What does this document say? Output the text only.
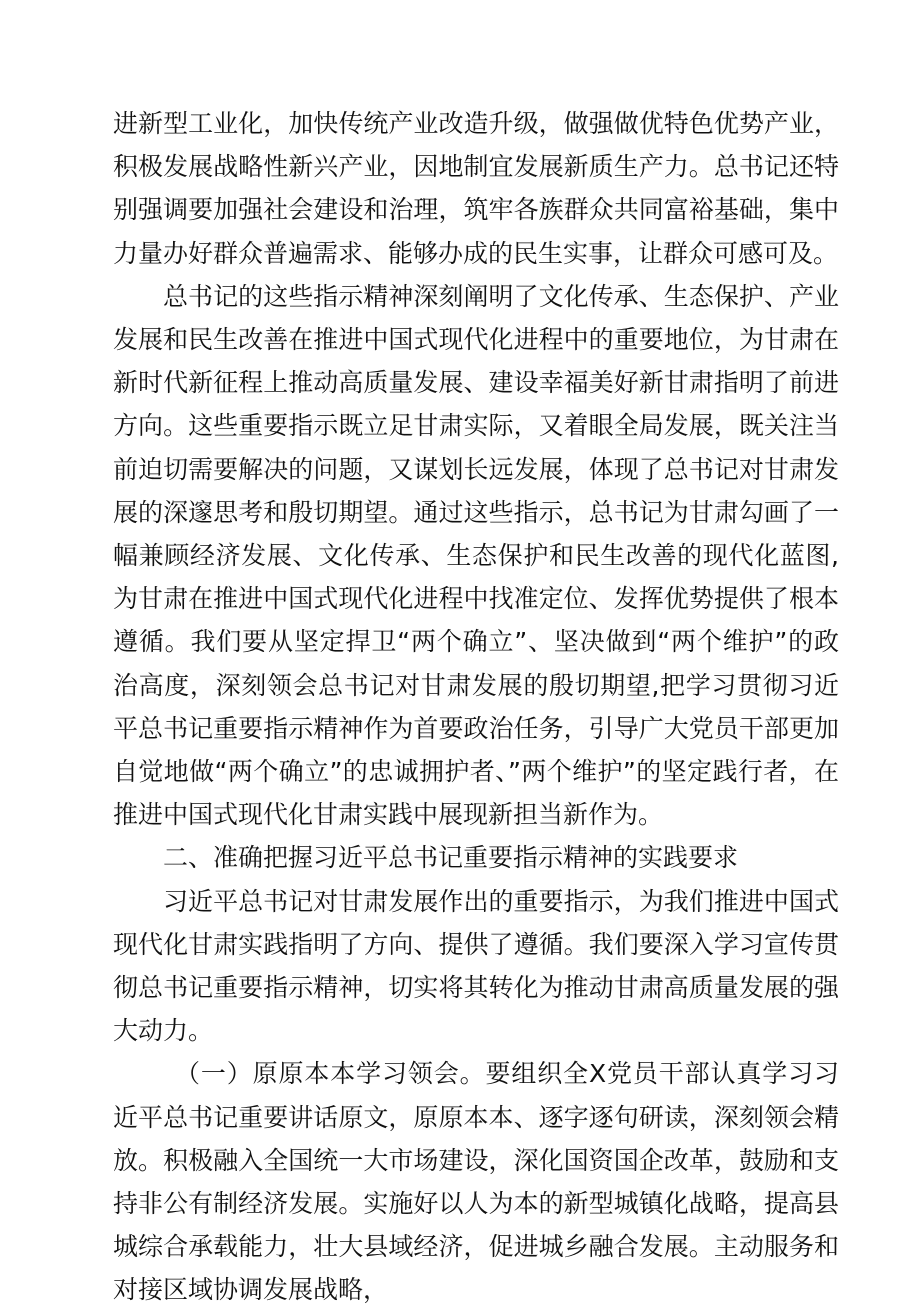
进新型工业化，加快传统产业改造升级，做强做优特色优势产业，积极发展战略性新兴产业，因地制宜发展新质生产力。总书记还特别强调要加强社会建设和治理，筑牢各族群众共同富裕基础，集中力量办好群众普遍需求、能够办成的民生实事，让群众可感可及。

总书记的这些指示精神深刻阐明了文化传承、生态保护、产业发展和民生改善在推进中国式现代化进程中的重要地位，为甘肃在新时代新征程上推动高质量发展、建设幸福美好新甘肃指明了前进方向。这些重要指示既立足甘肃实际，又着眼全局发展，既关注当前迫切需要解决的问题，又谋划长远发展，体现了总书记对甘肃发展的深邃思考和殷切期望。通过这些指示，总书记为甘肃勾画了一幅兼顾经济发展、文化传承、生态保护和民生改善的现代化蓝图,为甘肃在推进中国式现代化进程中找准定位、发挥优势提供了根本遵循。我们要从坚定捍卫“两个确立”、坚决做到“两个维护”的政治高度，深刻领会总书记对甘肃发展的殷切期望,把学习贯彻习近平总书记重要指示精神作为首要政治任务，引导广大党员干部更加自觉地做“两个确立”的忠诚拥护者、”两个维护”的坚定践行者，在推进中国式现代化甘肃实践中展现新担当新作为。

二、准确把握习近平总书记重要指示精神的实践要求

习近平总书记对甘肃发展作出的重要指示，为我们推进中国式现代化甘肃实践指明了方向、提供了遵循。我们要深入学习宣传贯彻总书记重要指示精神，切实将其转化为推动甘肃高质量发展的强大动力。

（一）原原本本学习领会。要组织全X党员干部认真学习习近平总书记重要讲话原文，原原本本、逐字逐句研读，深刻领会精放。积极融入全国统一大市场建设，深化国资国企改革，鼓励和支持非公有制经济发展。实施好以人为本的新型城镇化战略，提高县城综合承载能力，壮大县域经济，促进城乡融合发展。主动服务和对接区域协调发展战略，
